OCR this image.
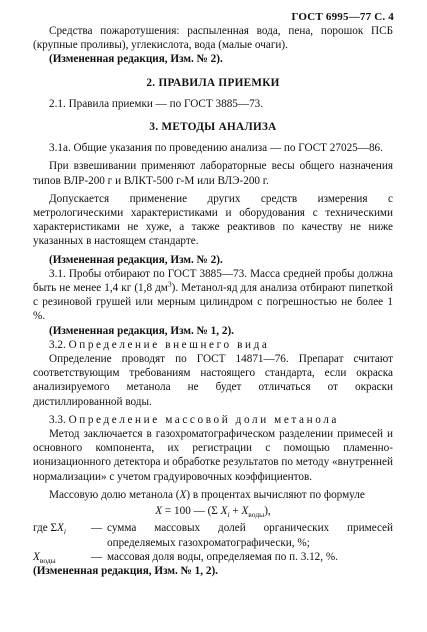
ГОСТ 6995—77 С. 4

Средства пожаротушения: распыленная вода, пена, порошок ПСБ (крупные проливы), углекислота, вода (малые очаги).

(Измененная редакция, Изм. № 2).

2. ПРАВИЛА ПРИЕМКИ

2.1. Правила приемки — по ГОСТ 3885—73.

3. МЕТОДЫ АНАЛИЗА

3.1а. Общие указания по проведению анализа — по ГОСТ 27025—86.

При взвешивании применяют лабораторные весы общего назначения типов ВЛР-200 г и ВЛКТ-500 г-М или ВЛЭ-200 г.

Допускается применение других средств измерения с метрологическими характеристиками и оборудования с техническими характеристиками не хуже, а также реактивов по качеству не ниже указанных в настоящем стандарте.

(Измененная редакция, Изм. № 2).

3.1. Пробы отбирают по ГОСТ 3885—73. Масса средней пробы должна быть не менее 1,4 кг (1,8 $дм^3$). Метанол-яд для анализа отбирают пипеткой с резиновой грушей или мерным цилиндром с погрешностью не более 1 %.

(Измененная редакция, Изм. № 1, 2).

3.2. Определение внешнего вида

Определение проводят по ГОСТ 14871—76. Препарат считают соответствующим требованиям настоящего стандарта, если окраска анализируемого метанола не будет отличаться от окраски дистиллированной воды.

3.3. Определение массовой доли метанола

Метод заключается в газохроматографическом разделении примесей и основного компонента, их регистрации с помощью пламенно-ионизационного детектора и обработке результатов по методу «внутренней нормализации» с учетом градуировочных коэффициентов.

Массовую долю метанола (X) в процентах вычисляют по формуле

X = 100 — (Σ $X_i + X_{воды}$),
где $\Sigma X_i$	— сумма массовых долей органических примесей определяемых газохроматографически, %;
$X_{воды}$	— массовая доля воды, определяемая по п. 3.12, %.

(Измененная редакция, Изм. № 1, 2).
